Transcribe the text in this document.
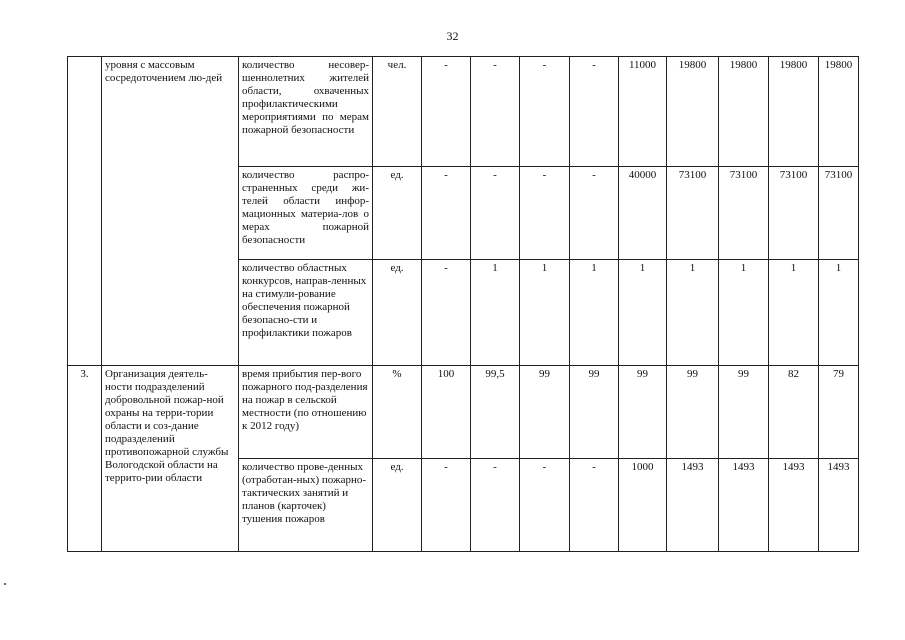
32
	уровня с массовым сосредоточением лю-дей	количество несовер-шеннолетних жителей области, охваченных профилактическими мероприятиями по мерам пожарной безопасности	чел.	-	-	-	-	11000	19800	19800	19800	19800
		количество распро-страненных среди жи-телей области инфор-мационных материа-лов о мерах пожарной безопасности	ед.	-	-	-	-	40000	73100	73100	73100	73100
		количество областных конкурсов, направ-ленных на стимули-рование обеспечения пожарной безопасно-сти и профилактики пожаров	ед.	-	1	1	1	1	1	1	1	1
3.	Организация деятель-ности подразделений добровольной пожар-ной охраны на терри-тории области и соз-дание подразделений противопожарной службы Вологодской области на террито-рии области	время прибытия пер-вого пожарного под-разделения на пожар в сельской местности (по отношению к 2012 году)	%	100	99,5	99	99	99	99	99	82	79
		количество прове-денных (отработан-ных) пожарно-тактических занятий и планов (карточек) тушения пожаров	ед.	-	-	-	-	1000	1493	1493	1493	1493
